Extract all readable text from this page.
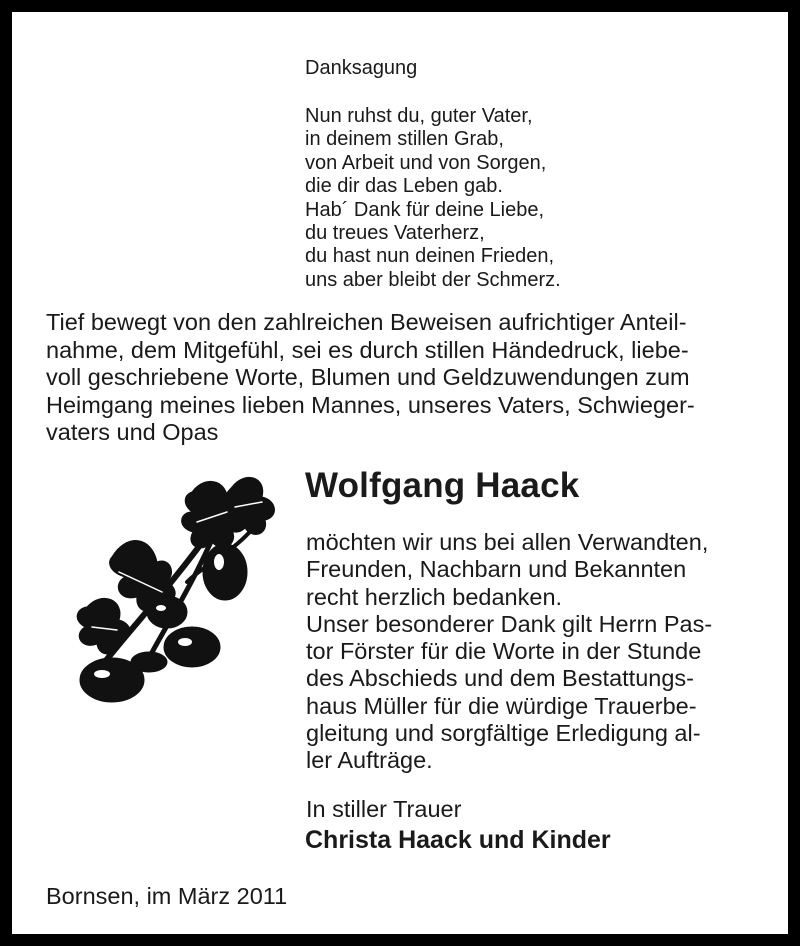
Danksagung
Nun ruhst du, guter Vater,
in deinem stillen Grab,
von Arbeit und von Sorgen,
die dir das Leben gab.
Hab´ Dank für deine Liebe,
du treues Vaterherz,
du hast nun deinen Frieden,
uns aber bleibt der Schmerz.
Tief bewegt von den zahlreichen Beweisen aufrichtiger Anteil-
nahme, dem Mitgefühl, sei es durch stillen Händedruck, liebe-
voll geschriebene Worte, Blumen und Geldzuwendungen zum
Heimgang meines lieben Mannes, unseres Vaters, Schwieger-
vaters und Opas
Wolfgang Haack
möchten wir uns bei allen Verwandten,
Freunden, Nachbarn und Bekannten
recht herzlich bedanken.
Unser besonderer Dank gilt Herrn Pas-
tor Förster für die Worte in der Stunde
des Abschieds und dem Bestattungs-
haus Müller für die würdige Trauerbe-
gleitung und sorgfältige Erledigung al-
ler Aufträge.
In stiller Trauer
Christa Haack und Kinder
Bornsen, im März 2011
